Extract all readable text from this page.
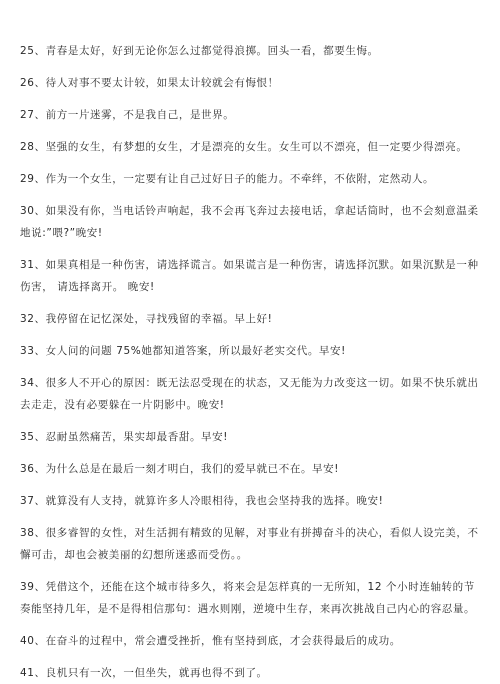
25、青春是太好，好到无论你怎么过都觉得浪掷。回头一看，都要生悔。

26、待人对事不要太计较，如果太计较就会有悔恨！

27、前方一片迷雾，不是我自己，是世界。

28、坚强的女生，有梦想的女生，才是漂亮的女生。女生可以不漂亮，但一定要少得漂亮。

29、作为一个女生，一定要有让自己过好日子的能力。不牵绊，不依附，定然动人。

30、如果没有你，当电话铃声响起，我不会再飞奔过去接电话，拿起话筒时，也不会刻意温柔地说:”喂?”晚安!

31、如果真相是一种伤害，请选择谎言。如果谎言是一种伤害，请选择沉默。如果沉默是一种伤害， 请选择离开。 晚安!

32、我停留在记忆深处，寻找残留的幸福。早上好!

33、女人问的问题 75%她都知道答案，所以最好老实交代。早安!

34、很多人不开心的原因：既无法忍受现在的状态，又无能为力改变这一切。如果不快乐就出去走走，没有必要躲在一片阴影中。晚安!

35、忍耐虽然痛苦，果实却最香甜。早安!

36、为什么总是在最后一刻才明白，我们的爱早就已不在。早安!

37、就算没有人支持，就算许多人冷眼相待，我也会坚持我的选择。晚安!

38、很多睿智的女性，对生活拥有精致的见解，对事业有拼搏奋斗的决心，看似人设完美，不懈可击，却也会被美丽的幻想所迷惑而受伤。。

39、凭借这个，还能在这个城市待多久，将来会是怎样真的一无所知，12 个小时连轴转的节奏能坚持几年，是不是得相信那句：遇水则刚，逆境中生存，来再次挑战自己内心的容忍量。

40、在奋斗的过程中，常会遭受挫折，惟有坚持到底，才会获得最后的成功。

41、良机只有一次，一但坐失，就再也得不到了。
